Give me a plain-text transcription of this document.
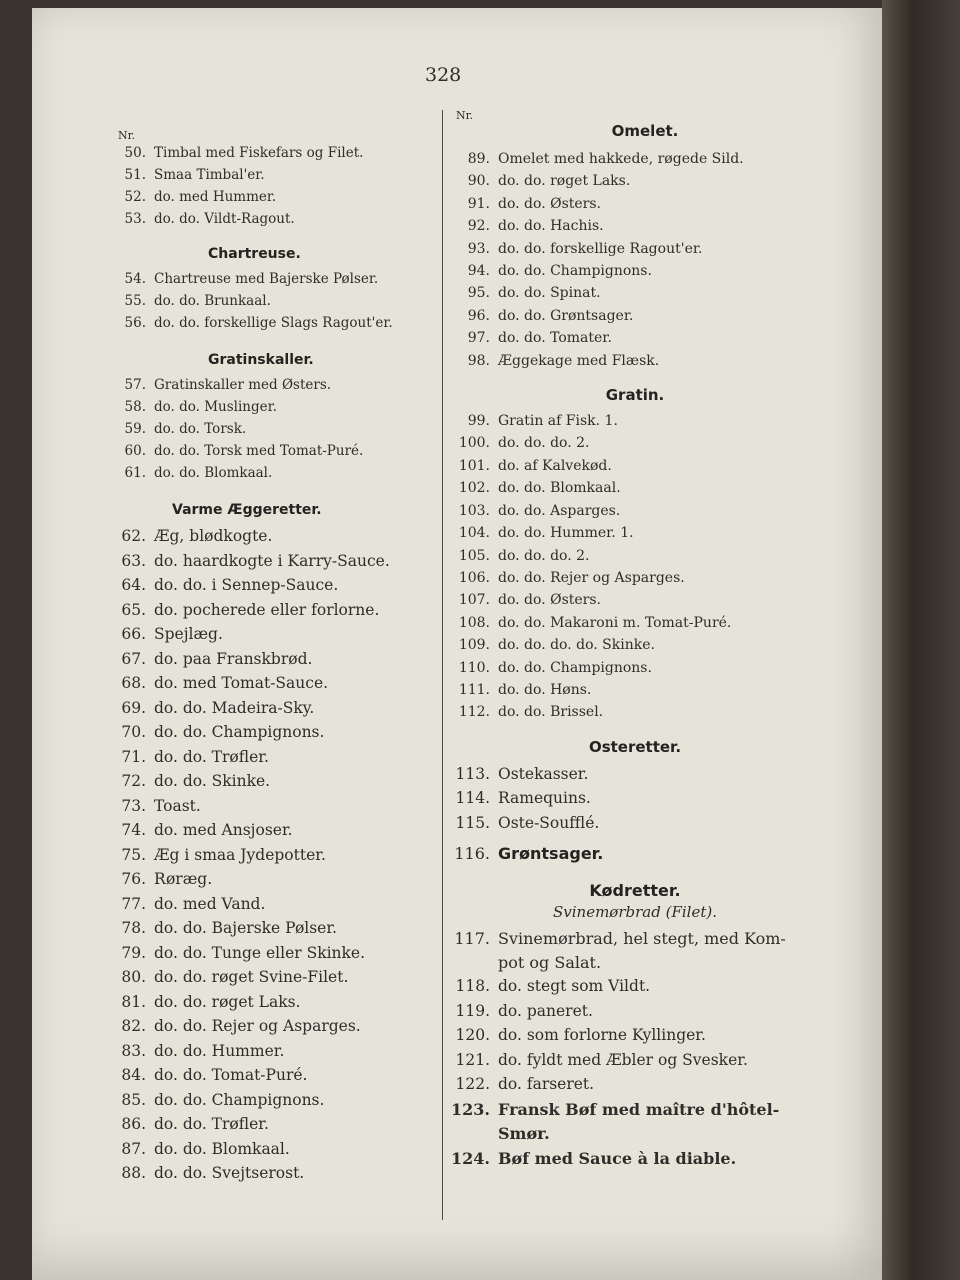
328
Nr.
50. Timbal med Fiskefars og Filet.
51. Smaa Timbal'er.
52. do. med Hummer.
53. do. do. Vildt-Ragout.
Chartreuse.
54. Chartreuse med Bajerske Pølser.
55. do. do. Brunkaal.
56. do. do. forskellige Slags Ragout'er.
Gratinskaller.
57. Gratinskaller med Østers.
58. do. do. Muslinger.
59. do. do. Torsk.
60. do. do. Torsk med Tomat-Puré.
61. do. do. Blomkaal.
Varme Æggeretter.
62. Æg, blødkogte.
63. do. haardkogte i Karry-Sauce.
64. do. do. i Sennep-Sauce.
65. do. pocherede eller forlorne.
66. Spejlæg.
67. do. paa Franskbrød.
68. do. med Tomat-Sauce.
69. do. do. Madeira-Sky.
70. do. do. Champignons.
71. do. do. Trøfler.
72. do. do. Skinke.
73. Toast.
74. do. med Ansjoser.
75. Æg i smaa Jydepotter.
76. Røræg.
77. do. med Vand.
78. do. do. Bajerske Pølser.
79. do. do. Tunge eller Skinke.
80. do. do. røget Svine-Filet.
81. do. do. røget Laks.
82. do. do. Rejer og Asparges.
83. do. do. Hummer.
84. do. do. Tomat-Puré.
85. do. do. Champignons.
86. do. do. Trøfler.
87. do. do. Blomkaal.
88. do. do. Svejtserost.
Nr.
Omelet.
89. Omelet med hakkede, røgede Sild.
90. do. do. røget Laks.
91. do. do. Østers.
92. do. do. Hachis.
93. do. do. forskellige Ragout'er.
94. do. do. Champignons.
95. do. do. Spinat.
96. do. do. Grøntsager.
97. do. do. Tomater.
98. Æggekage med Flæsk.
Gratin.
99. Gratin af Fisk. 1.
100. do. do. do. 2.
101. do. af Kalvekød.
102. do. do. Blomkaal.
103. do. do. Asparges.
104. do. do. Hummer. 1.
105. do. do. do. 2.
106. do. do. Rejer og Asparges.
107. do. do. Østers.
108. do. do. Makaroni m. Tomat-Puré.
109. do. do. do. do. Skinke.
110. do. do. Champignons.
111. do. do. Høns.
112. do. do. Brissel.
Osteretter.
113. Ostekasser.
114. Ramequins.
115. Oste-Soufflé.
116. Grøntsager.
Kødretter.
Svinemørbrad (Filet).
117. Svinemørbrad, hel stegt, med Kom-
pot og Salat.
118. do. stegt som Vildt.
119. do. paneret.
120. do. som forlorne Kyllinger.
121. do. fyldt med Æbler og Svesker.
122. do. farseret.
123. Fransk Bøf med maître d'hôtel-
Smør.
124. Bøf med Sauce à la diable.
